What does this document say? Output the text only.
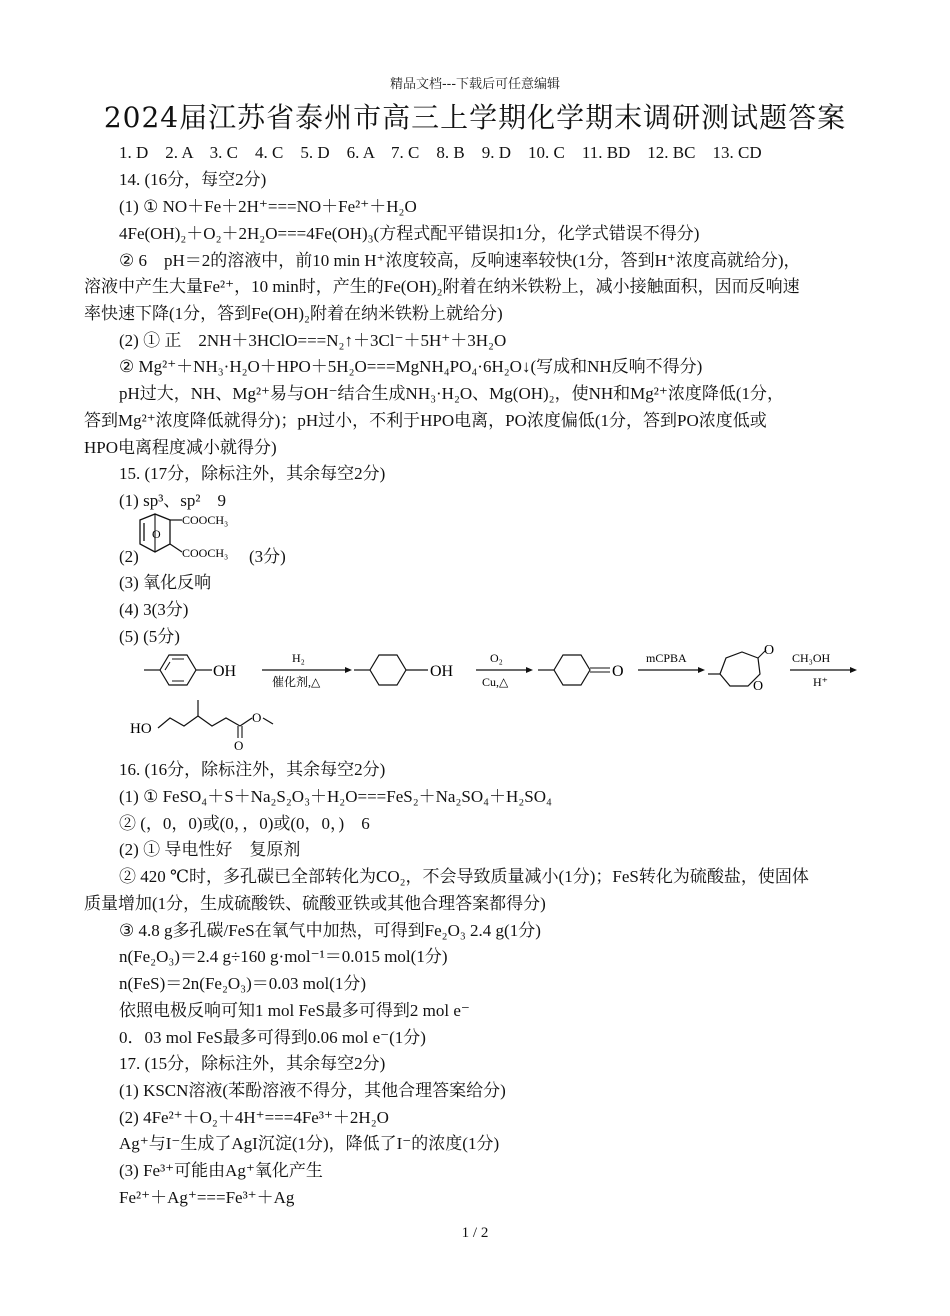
精品文档---下载后可任意编辑
2024届江苏省泰州市高三上学期化学期末调研测试题答案
1. D　2. A　3. C　4. C　5. D　6. A　7. C　8. B　9. D　10. C　11. BD　12. BC　13. CD
14. (16分，每空2分)
(1) ① NO＋Fe＋2H⁺===NO＋Fe²⁺＋H₂O
4Fe(OH)₂＋O₂＋2H₂O===4Fe(OH)₃(方程式配平错误扣1分，化学式错误不得分)
② 6　pH＝2的溶液中，前10 min H⁺浓度较高，反响速率较快(1分，答到H⁺浓度高就给分)，
溶液中产生大量Fe²⁺，10 min时，产生的Fe(OH)₂附着在纳米铁粉上，减小接触面积，因而反响速
率快速下降(1分，答到Fe(OH)₂附着在纳米铁粉上就给分)
(2) ① 正　2NH＋3HClO===N₂↑＋3Cl⁻＋5H⁺＋3H₂O
② Mg²⁺＋NH₃·H₂O＋HPO＋5H₂O===MgNH₄PO₄·6H₂O↓(写成和NH反响不得分)
pH过大，NH、Mg²⁺易与OH⁻结合生成NH₃·H₂O、Mg(OH)₂，使NH和Mg²⁺浓度降低(1分，
答到Mg²⁺浓度降低就得分)；pH过小，不利于HPO电离，PO浓度偏低(1分，答到PO浓度低或
HPO电离程度减小就得分)
15. (17分，除标注外，其余每空2分)
(1) sp³、sp²　9
O
COOCH₃
COOCH₃
(2)	(3分)
(3) 氧化反响
(4) 3(3分)
(5) (5分)
OH
H₂
催化剂,△
OH
O₂
Cu,△
O
mCPBA	O
O
CH₃OH
H⁺
HO
O
O
16. (16分，除标注外，其余每空2分)
(1) ① FeSO₄＋S＋Na₂S₂O₃＋H₂O===FeS₂＋Na₂SO₄＋H₂SO₄
② (，0，0)或(0，，0)或(0，0，)　6
(2) ① 导电性好　复原剂
② 420 ℃时，多孔碳已全部转化为CO₂，不会导致质量减小(1分)；FeS转化为硫酸盐，使固体
质量增加(1分，生成硫酸铁、硫酸亚铁或其他合理答案都得分)
③ 4.8 g多孔碳/FeS在氧气中加热，可得到Fe₂O₃ 2.4 g(1分)
n(Fe₂O₃)＝2.4 g÷160 g·mol⁻¹＝0.015 mol(1分)
n(FeS)＝2n(Fe₂O₃)＝0.03 mol(1分)
依照电极反响可知1 mol FeS最多可得到2 mol e⁻
0．03 mol FeS最多可得到0.06 mol e⁻(1分)
17. (15分，除标注外，其余每空2分)
(1) KSCN溶液(苯酚溶液不得分，其他合理答案给分)
(2) 4Fe²⁺＋O₂＋4H⁺===4Fe³⁺＋2H₂O
Ag⁺与I⁻生成了AgI沉淀(1分)，降低了I⁻的浓度(1分)
(3) Fe³⁺可能由Ag⁺氧化产生
Fe²⁺＋Ag⁺===Fe³⁺＋Ag
1 / 2
